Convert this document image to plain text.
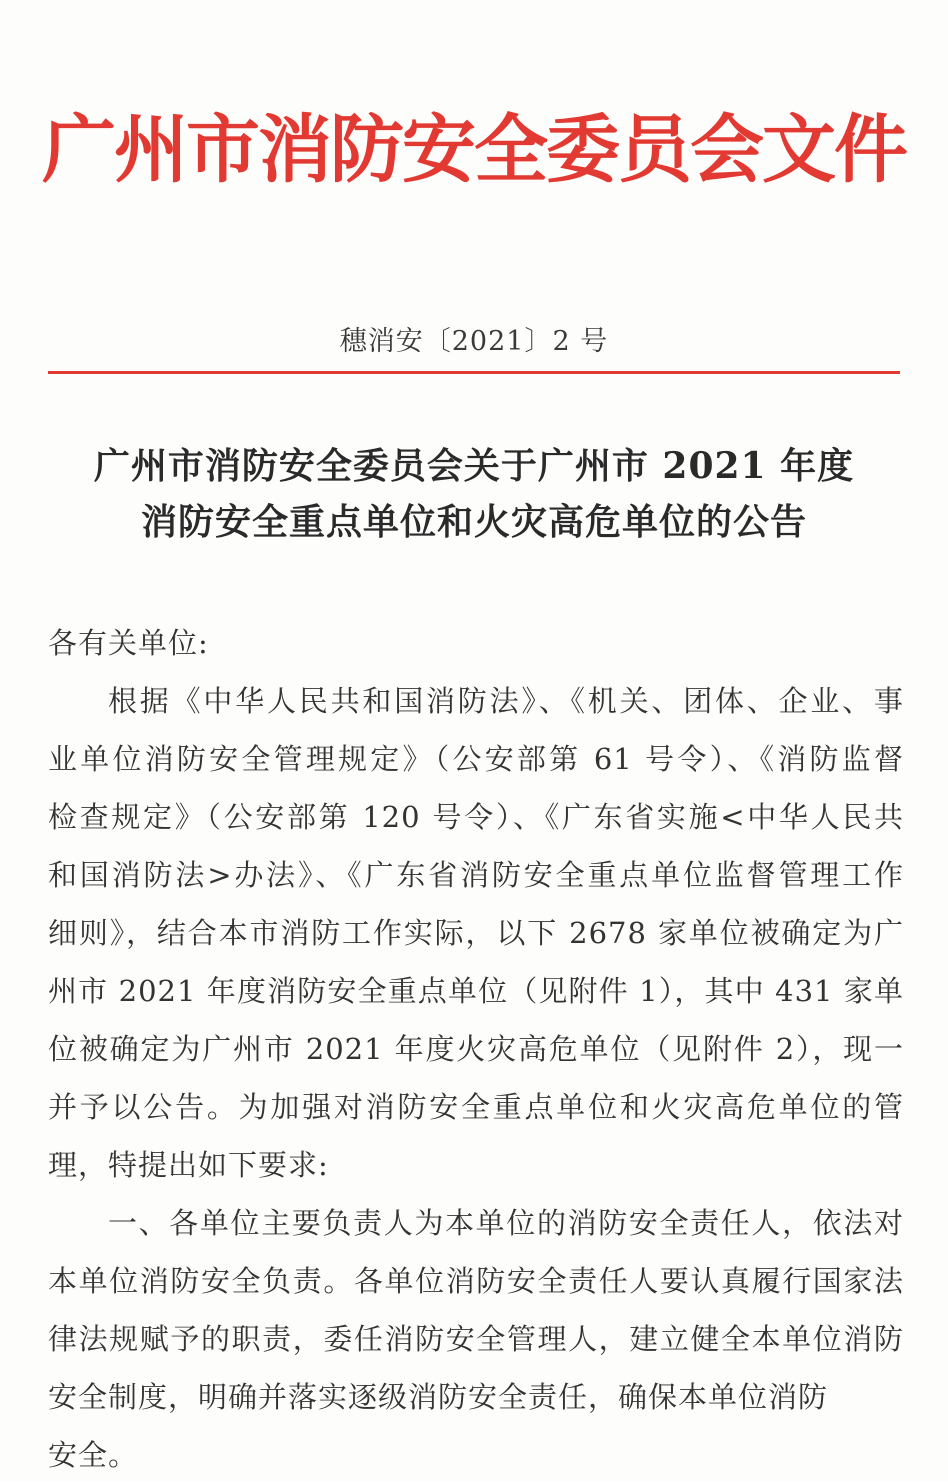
广州市消防安全委员会文件
穗消安〔2021〕2 号
广州市消防安全委员会关于广州市 2021 年度
消防安全重点单位和火灾高危单位的公告
各有关单位:
根据《中华人民共和国消防法》、《机关、团体、企业、事
业单位消防安全管理规定》（公安部第 61 号令）、《消防监督
检查规定》（公安部第 120 号令）、《广东省实施<中华人民共
和国消防法>办法》、《广东省消防安全重点单位监督管理工作
细则》，结合本市消防工作实际，以下 2678 家单位被确定为广
州市 2021 年度消防安全重点单位（见附件 1），其中 431 家单
位被确定为广州市 2021 年度火灾高危单位（见附件 2），现一
并予以公告。为加强对消防安全重点单位和火灾高危单位的管
理，特提出如下要求:
一、各单位主要负责人为本单位的消防安全责任人，依法对
本单位消防安全负责。各单位消防安全责任人要认真履行国家法
律法规赋予的职责，委任消防安全管理人，建立健全本单位消防
安全制度，明确并落实逐级消防安全责任，确保本单位消防
安全。
